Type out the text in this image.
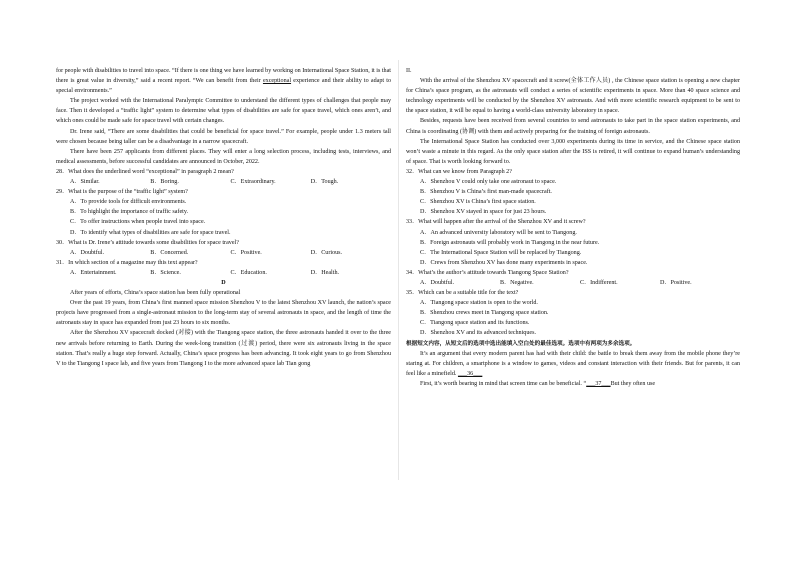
for people with disabilities to travel into space. “If there is one thing we have learned by working on International Space Station, it is that there is great value in diversity,” said a recent report. “We can benefit from their exceptional experience and their ability to adapt to special environments.”

The project worked with the International Paralympic Committee to understand the different types of challenges that people may face. Then it developed a “traffic light” system to determine what types of disabilities are safe for space travel, which ones aren’t, and which ones could be made safe for space travel with certain changes.

Dr. Irene said, “There are some disabilities that could be beneficial for space travel.” For example, people under 1.3 meters tall were chosen because being taller can be a disadvantage in a narrow spacecraft.

There have been 257 applicants from different places. They will enter a long selection process, including tests, interviews, and medical assessments, before successful candidates are announced in October, 2022.

28．What does the underlined word “exceptional” in paragraph 2 mean?
A．Similar.	B．Boring.	C．Extraordinary.	D．Tough.
29．What is the purpose of the “traffic light” system?
A．To provide tools for difficult environments.
B．To highlight the importance of traffic safety.
C．To offer instructions when people travel into space.
D．To identify what types of disabilities are safe for space travel.
30．What is Dr. Irene’s attitude towards some disabilities for space travel?
A．Doubtful.	B．Concerned.	C．Positive.	D．Curious.
31．In which section of a magazine may this text appear?
A．Entertainment.	B．Science.	C．Education.	D．Health.
D

After years of efforts, China’s space station has been fully operational

Over the past 19 years, from China’s first manned space mission Shenzhou V to the latest Shenzhou XV launch, the nation’s space projects have progressed from a single-astronaut mission to the long-term stay of several astronauts in space, and the length of time the astronauts stay in space has expanded from just 23 hours to six months.

After the Shenzhou XV spacecraft docked (对接) with the Tiangong space station, the three astronauts handed it over to the three new arrivals before returning to Earth. During the week-long transition (过渡) period, there were six astronauts living in the space station. That’s really a huge step forward. Actually, China’s space progress has been advancing. It took eight years to go from Shenzhou V to the Tiangong I space lab, and five years from Tiangong I to the more advanced space lab Tian gong

II.

With the arrival of the Shenzhou XV spacecraft and it screw(全体工作人员) , the Chinese space station is opening a new chapter for China’s space program, as the astronauts will conduct a series of scientific experiments in space. More than 40 space science and technology experiments will be conducted by the Shenzhou XV astronauts. And with more scientific research equipment to be sent to the space station, it will be equal to having a world-class university laboratory in space.

Besides, requests have been received from several countries to send astronauts to take part in the space station experiments, and China is coordinating (协调) with them and actively preparing for the training of foreign astronauts.

The International Space Station has conducted over 3,000 experiments during its time in service, and the Chinese space station won’t waste a minute in this regard. As the only space station after the ISS is retired, it will continue to expand human’s understanding of space. That is worth looking forward to.

32．What can we know from Paragraph 2?
A．Shenzhou V could only take one astronaut to space.
B．Shenzhou V is China’s first man-made spacecraft.
C．Shenzhou XV is China’s first space station.
D．Shenzhou XV stayed in space for just 23 hours.
33．What will happen after the arrival of the Shenzhou XV and it screw?
A．An advanced university laboratory will be sent to Tiangong.
B．Foreign astronauts will probably work in Tiangong in the near future.
C．The International Space Station will be replaced by Tiangong.
D．Crews from Shenzhou XV has done many experiments in space.
34．What’s the author’s attitude towards Tiangong Space Station?
A．Doubtful.	B．Negative.	C．Indifferent.	D．Positive.
35．Which can be a suitable title for the text?
A．Tiangong space station is open to the world.
B．Shenzhou crews meet in Tiangong space station.
C．Tiangong space station and its functions.
D．Shenzhou XV and its advanced techniques.
根据短文内容，从短文后的选项中选出能填入空白处的最佳选项。选项中有两项为多余选项。

It’s an argument that every modern parent has had with their child: the battle to break them away from the mobile phone they’re staring at. For children, a smartphone is a window to games, videos and constant interaction with their friends. But for parents, it can feel like a minefield. ___36___

First, it’s worth bearing in mind that screen time can be beneficial. “___37___But they often use
